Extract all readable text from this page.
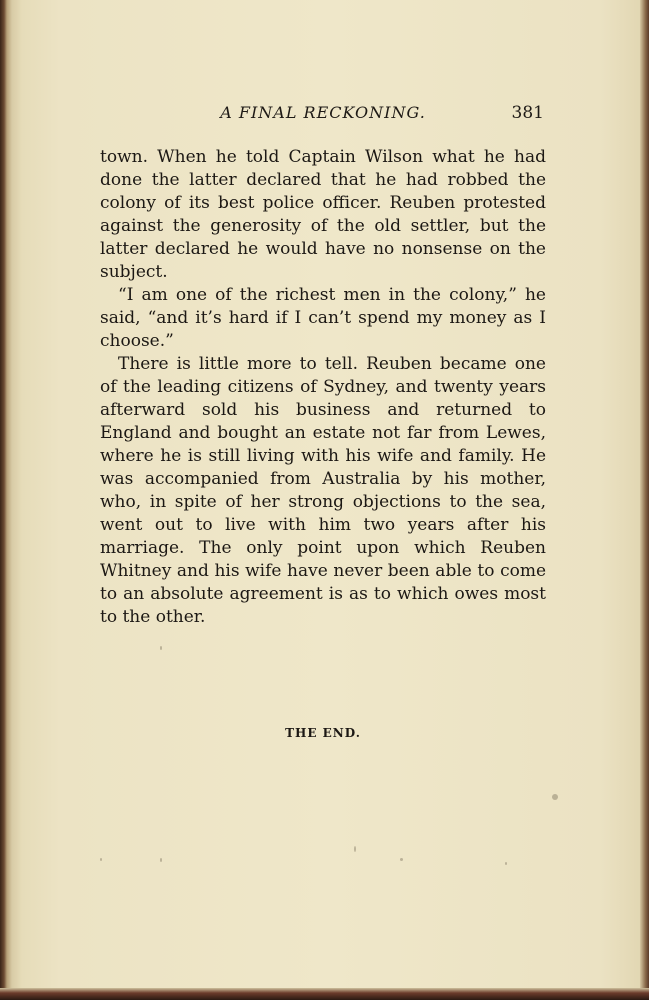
A FINAL RECKONING.	381

town. When he told Captain Wilson what he had done the latter declared that he had robbed the colony of its best police officer. Reuben protested against the generosity of the old settler, but the latter declared he would have no nonsense on the subject.

“I am one of the richest men in the colony,” he said, “and it’s hard if I can’t spend my money as I choose.”

There is little more to tell. Reuben became one of the leading citizens of Sydney, and twenty years afterward sold his business and returned to England and bought an estate not far from Lewes, where he is still living with his wife and family. He was accompanied from Australia by his mother, who, in spite of her strong objections to the sea, went out to live with him two years after his marriage. The only point upon which Reuben Whitney and his wife have never been able to come to an absolute agreement is as to which owes most to the other.

THE END.
